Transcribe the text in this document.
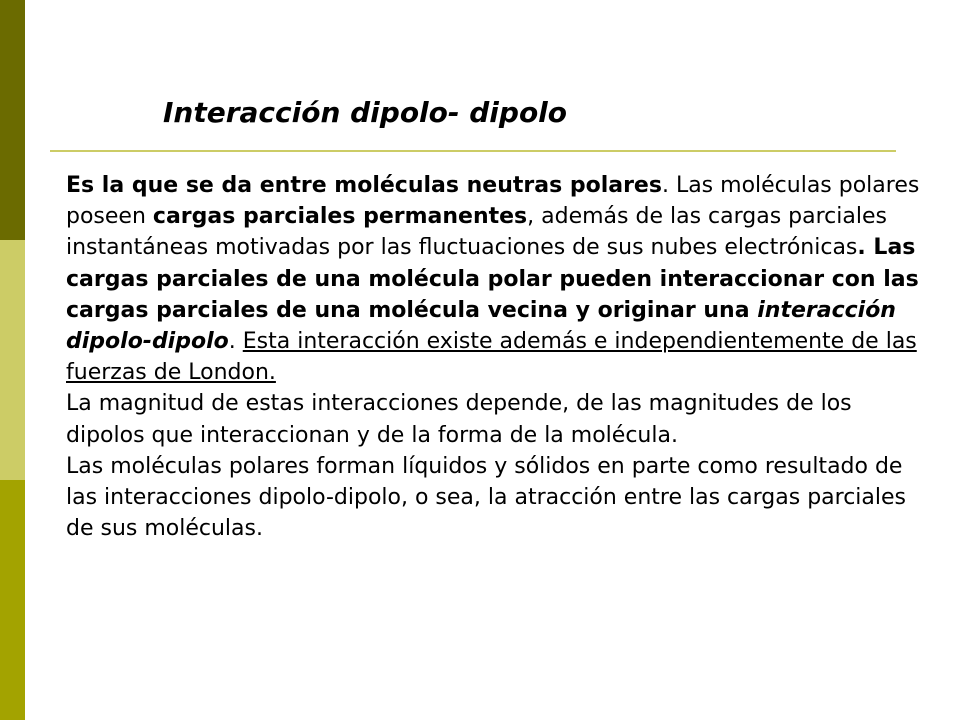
Interacción dipolo- dipolo

Es la que se da entre moléculas neutras polares. Las moléculas polares poseen cargas parciales permanentes, además de las cargas parciales instantáneas motivadas por las fluctuaciones de sus nubes electrónicas. Las cargas parciales de una molécula polar pueden interaccionar con las cargas parciales de una molécula vecina y originar una interacción dipolo-dipolo. Esta interacción existe además e independientemente de las fuerzas de London.

La magnitud de estas interacciones depende, de las magnitudes de los dipolos que interaccionan y de la forma de la molécula.

Las moléculas polares forman líquidos y sólidos en parte como resultado de las interacciones dipolo-dipolo, o sea, la atracción entre las cargas parciales de sus moléculas.
